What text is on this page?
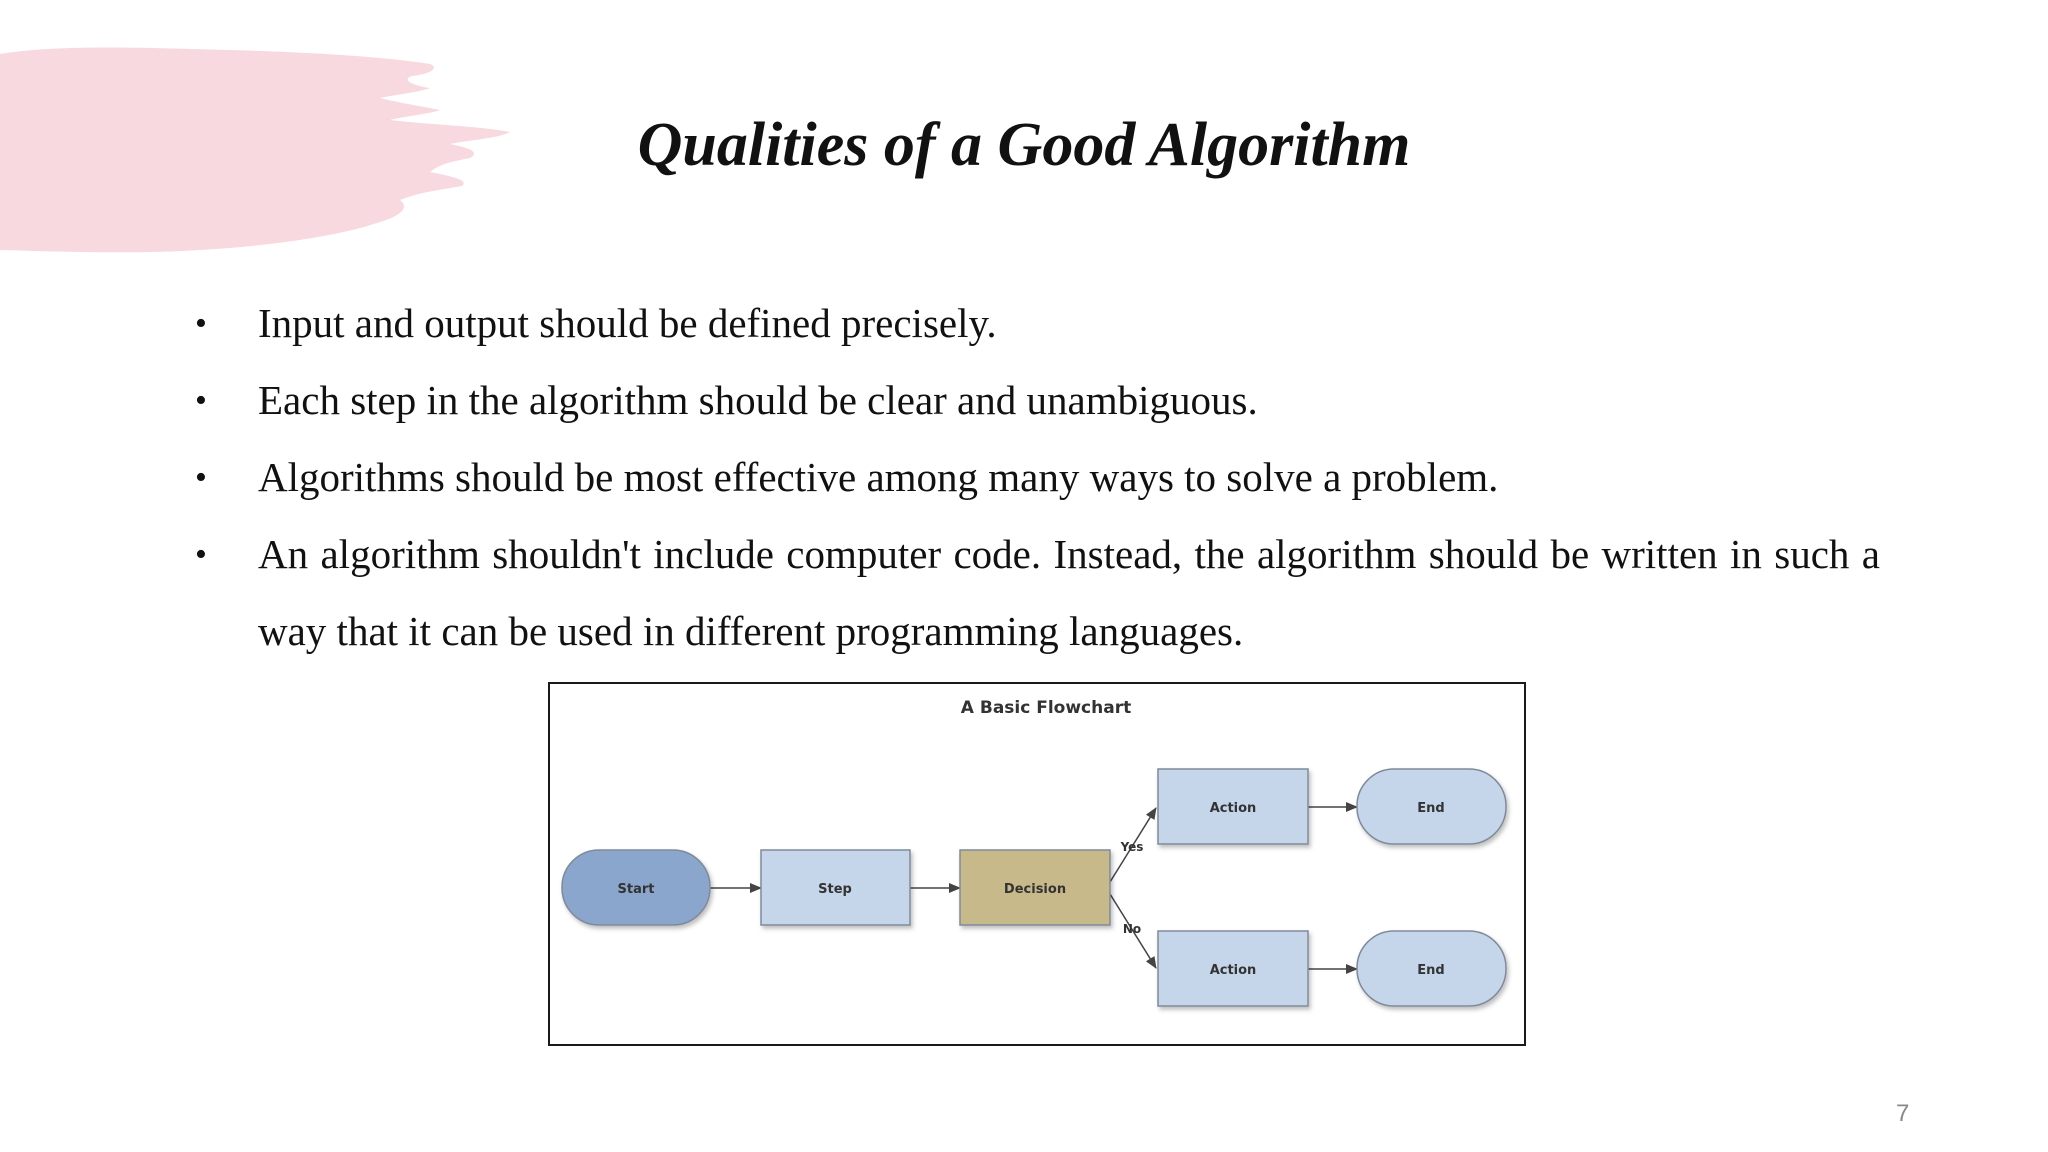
Qualities of a Good Algorithm
• Input and output should be defined precisely.
• Each step in the algorithm should be clear and unambiguous.
• Algorithms should be most effective among many ways to solve a problem.
• An algorithm shouldn't include computer code. Instead, the algorithm should be written in such a way that it can be used in different programming languages.
A Basic Flowchart
Yes
No
Start	Step	Decision
Action	End
Action	End
7
